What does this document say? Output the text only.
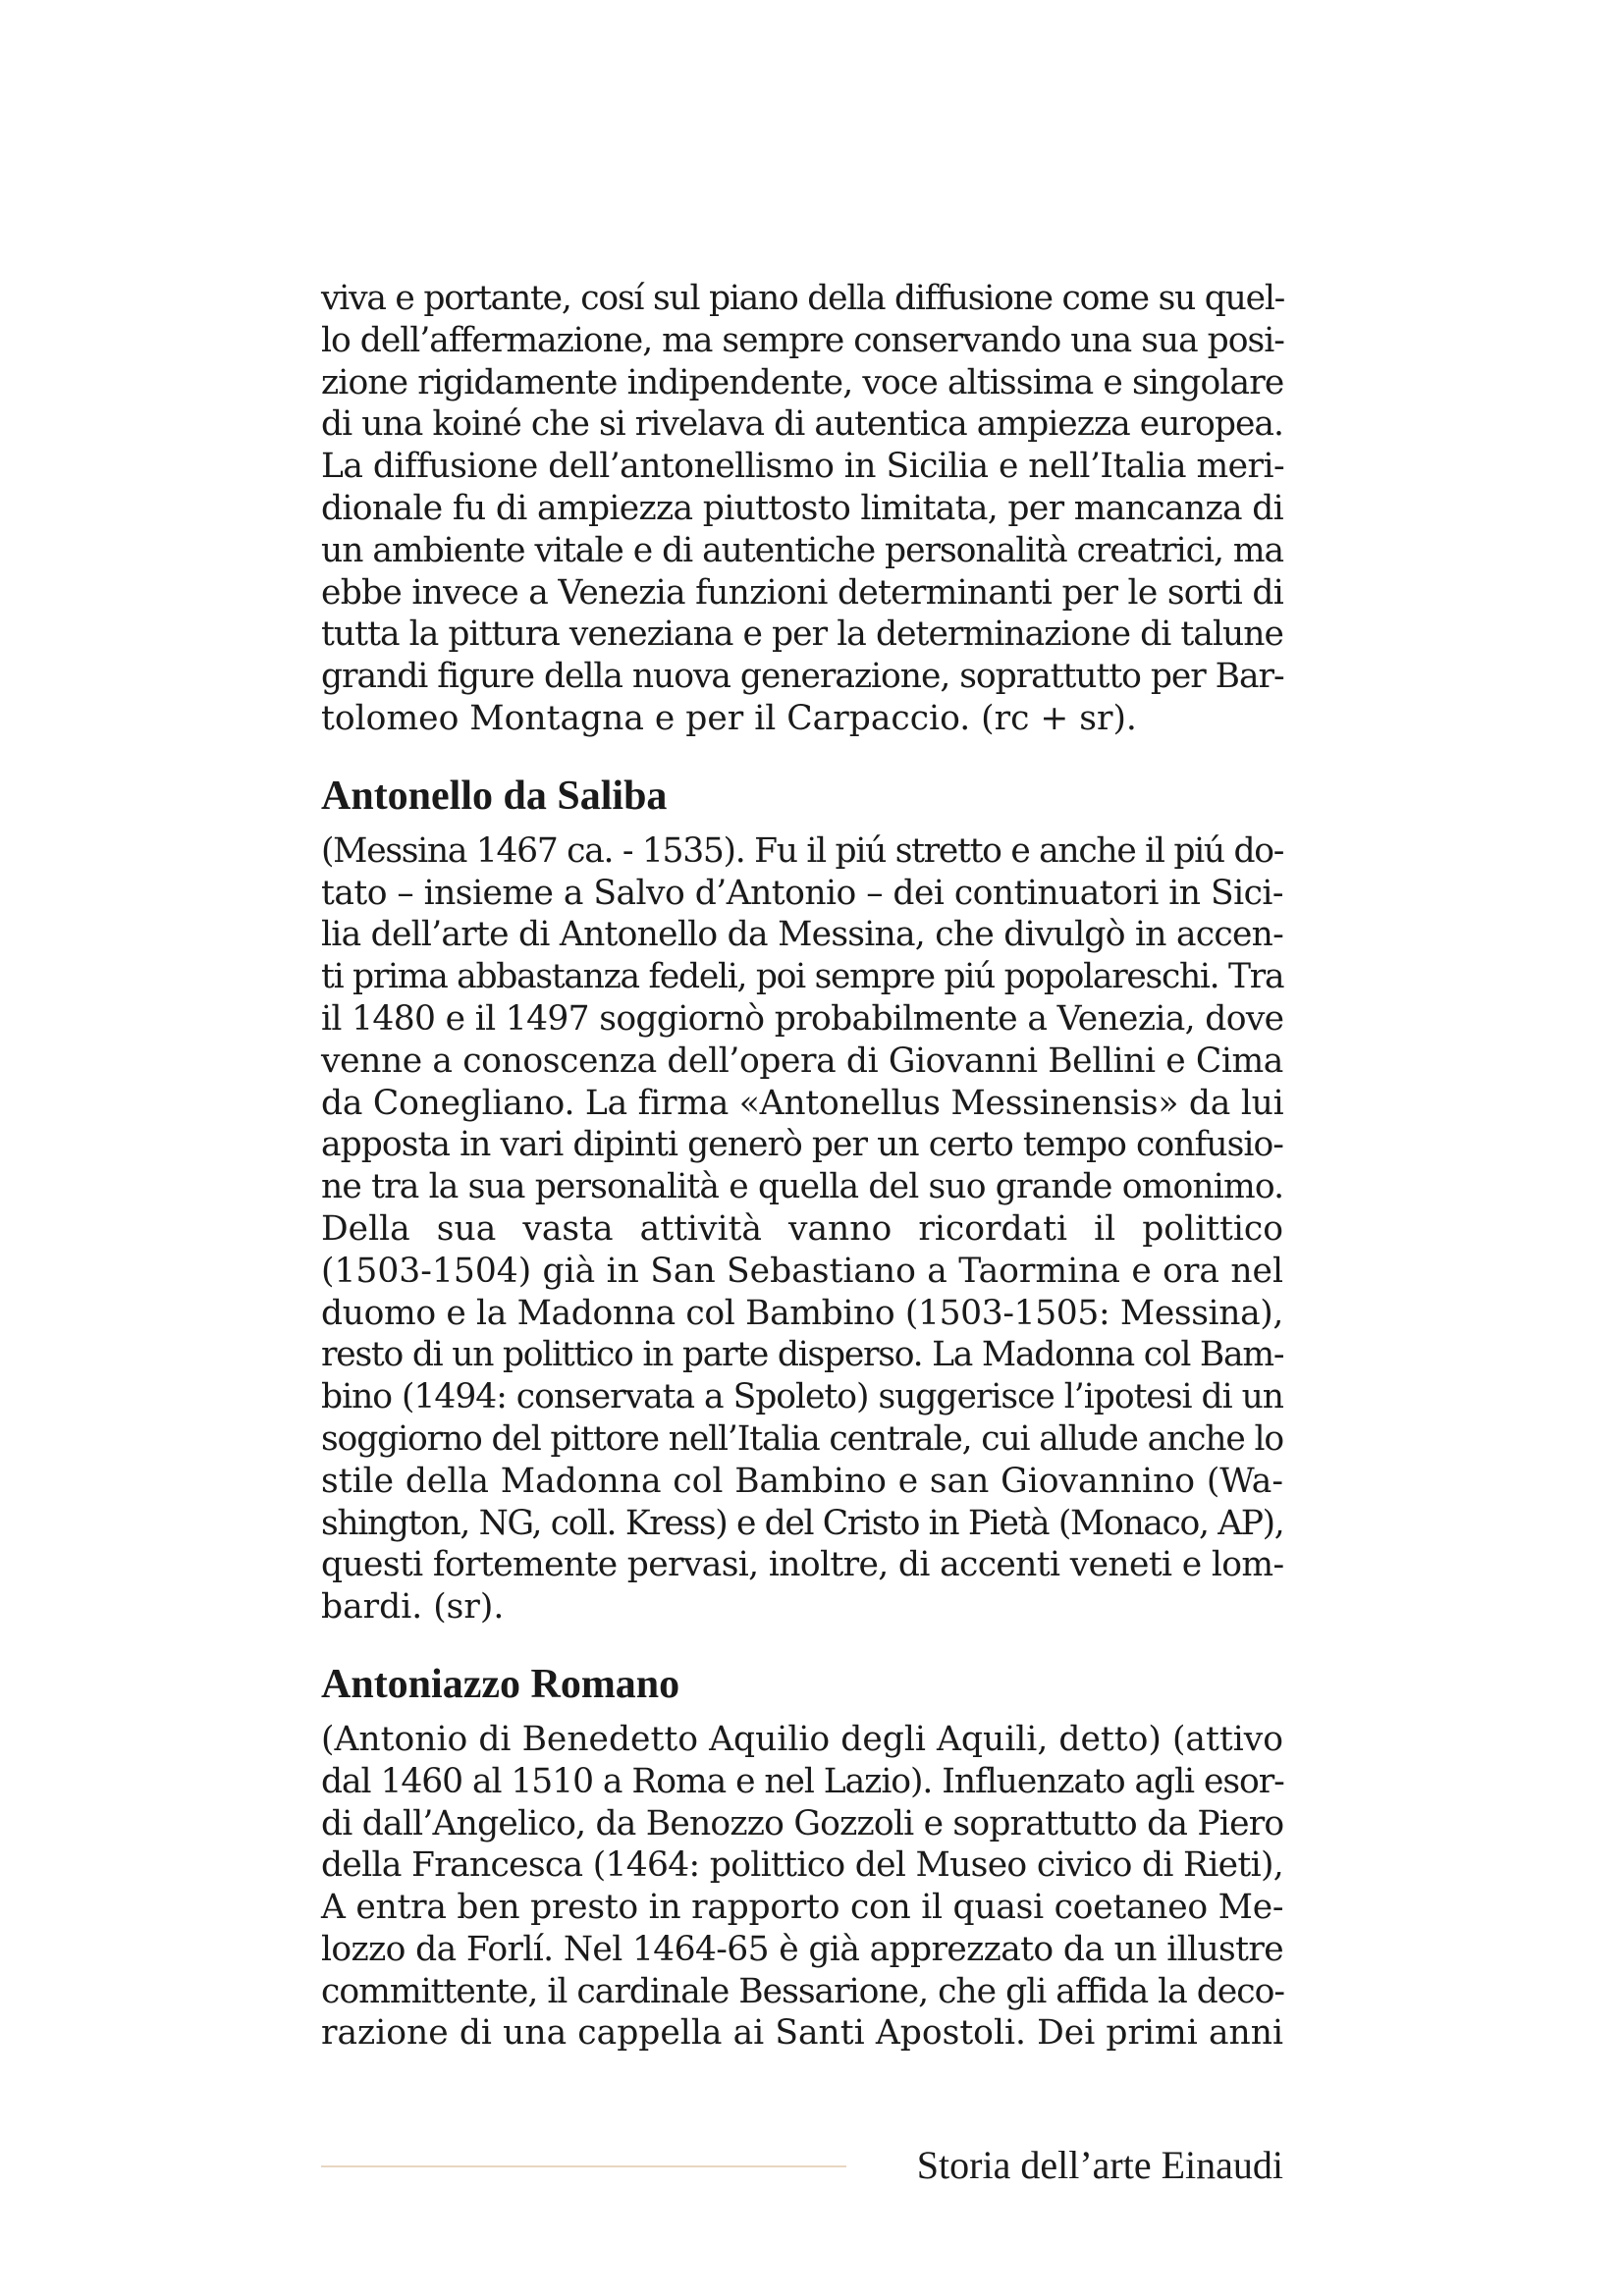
viva e portante, cosí sul piano della diffusione come su quel-
lo dell’affermazione, ma sempre conservando una sua posi-
zione rigidamente indipendente, voce altissima e singolare
di una koiné che si rivelava di autentica ampiezza europea.
La diffusione dell’antonellismo in Sicilia e nell’Italia meri-
dionale fu di ampiezza piuttosto limitata, per mancanza di
un ambiente vitale e di autentiche personalità creatrici, ma
ebbe invece a Venezia funzioni determinanti per le sorti di
tutta la pittura veneziana e per la determinazione di talune
grandi figure della nuova generazione, soprattutto per Bar-
tolomeo Montagna e per il Carpaccio. (rc + sr).
Antonello da Saliba
(Messina 1467 ca. - 1535). Fu il piú stretto e anche il piú do-
tato – insieme a Salvo d’Antonio – dei continuatori in Sici-
lia dell’arte di Antonello da Messina, che divulgò in accen-
ti prima abbastanza fedeli, poi sempre piú popolareschi. Tra
il 1480 e il 1497 soggiornò probabilmente a Venezia, dove
venne a conoscenza dell’opera di Giovanni Bellini e Cima
da Conegliano. La firma «Antonellus Messinensis» da lui
apposta in vari dipinti generò per un certo tempo confusio-
ne tra la sua personalità e quella del suo grande omonimo.
Della sua vasta attività vanno ricordati il polittico
(1503-1504) già in San Sebastiano a Taormina e ora nel
duomo e la Madonna col Bambino (1503-1505: Messina),
resto di un polittico in parte disperso. La Madonna col Bam-
bino (1494: conservata a Spoleto) suggerisce l’ipotesi di un
soggiorno del pittore nell’Italia centrale, cui allude anche lo
stile della Madonna col Bambino e san Giovannino (Wa-
shington, NG, coll. Kress) e del Cristo in Pietà (Monaco, AP),
questi fortemente pervasi, inoltre, di accenti veneti e lom-
bardi. (sr).
Antoniazzo Romano
(Antonio di Benedetto Aquilio degli Aquili, detto) (attivo
dal 1460 al 1510 a Roma e nel Lazio). Influenzato agli esor-
di dall’Angelico, da Benozzo Gozzoli e soprattutto da Piero
della Francesca (1464: polittico del Museo civico di Rieti),
A entra ben presto in rapporto con il quasi coetaneo Me-
lozzo da Forlí. Nel 1464-65 è già apprezzato da un illustre
committente, il cardinale Bessarione, che gli affida la deco-
razione di una cappella ai Santi Apostoli. Dei primi anni
Storia dell’arte Einaudi
